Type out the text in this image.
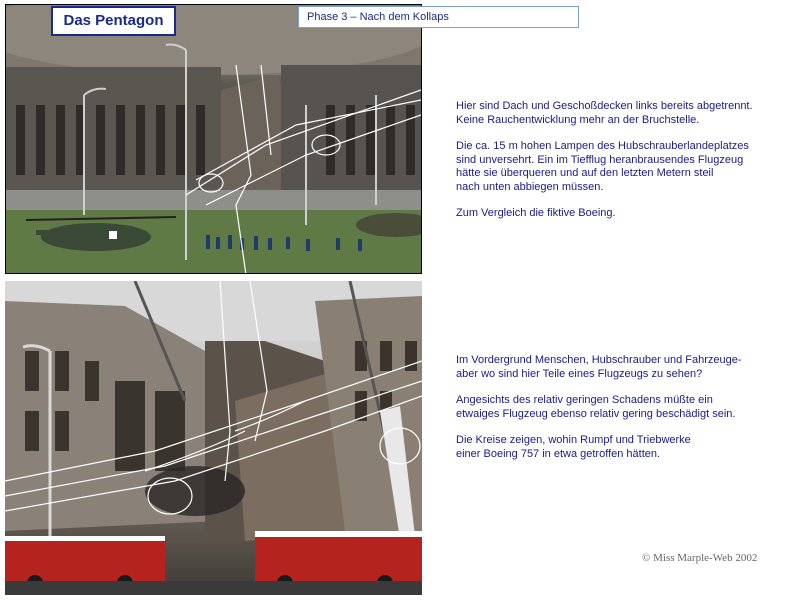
Das Pentagon	Phase 3 – Nach dem Kollaps

Hier sind Dach und Geschoßdecken links bereits abgetrennt.
Keine Rauchentwicklung mehr an der Bruchstelle.

Die ca. 15 m hohen Lampen des Hubschrauberlandeplatzes
sind unversehrt. Ein im Tiefflug heranbrausendes Flugzeug
hätte sie überqueren und auf den letzten Metern steil
nach unten abbiegen müssen.

Zum Vergleich die fiktive Boeing.

Im Vordergrund Menschen, Hubschrauber und Fahrzeuge-
aber wo sind hier Teile eines Flugzeugs zu sehen?

Angesichts des relativ geringen Schadens müßte ein
etwaiges Flugzeug ebenso relativ gering beschädigt sein.

Die Kreise zeigen, wohin Rumpf und Triebwerke
einer Boeing 757 in etwa getroffen hätten.

© Miss Marple-Web 2002
